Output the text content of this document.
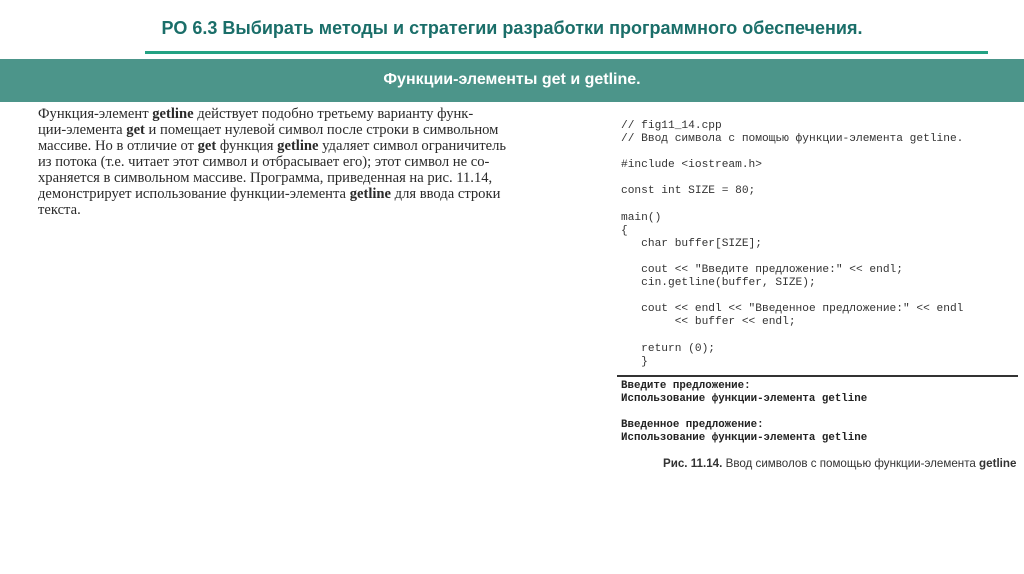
РО 6.3 Выбирать методы и стратегии разработки программного обеспечения.
Функции-элементы get и getline.

Функция-элемент getline действует подобно третьему варианту функ-

ции-элемента get и помещает нулевой символ после строки в символьном

массиве. Но в отличие от get функция getline удаляет символ ограничитель

из потока (т.е. читает этот символ и отбрасывает его); этот символ не со-

храняется в символьном массиве. Программа, приведенная на рис. 11.14,

демонстрирует использование функции-элемента getline для ввода строки

текста.

// fig11_14.cpp
// Ввод символа с помощью функции-элемента getline.
#include <iostream.h>
const int SIZE = 80;
main()
{
char buffer[SIZE];
cout << "Введите предложение:" << endl;
cin.getline(buffer, SIZE);
cout << endl << "Введенное предложение:" << endl
<< buffer << endl;
return (0);
}
Введите предложение:
Использование функции-элемента getline
Введенное предложение:
Использование функции-элемента getline
Рис. 11.14. Ввод символов с помощью функции-элемента getline
